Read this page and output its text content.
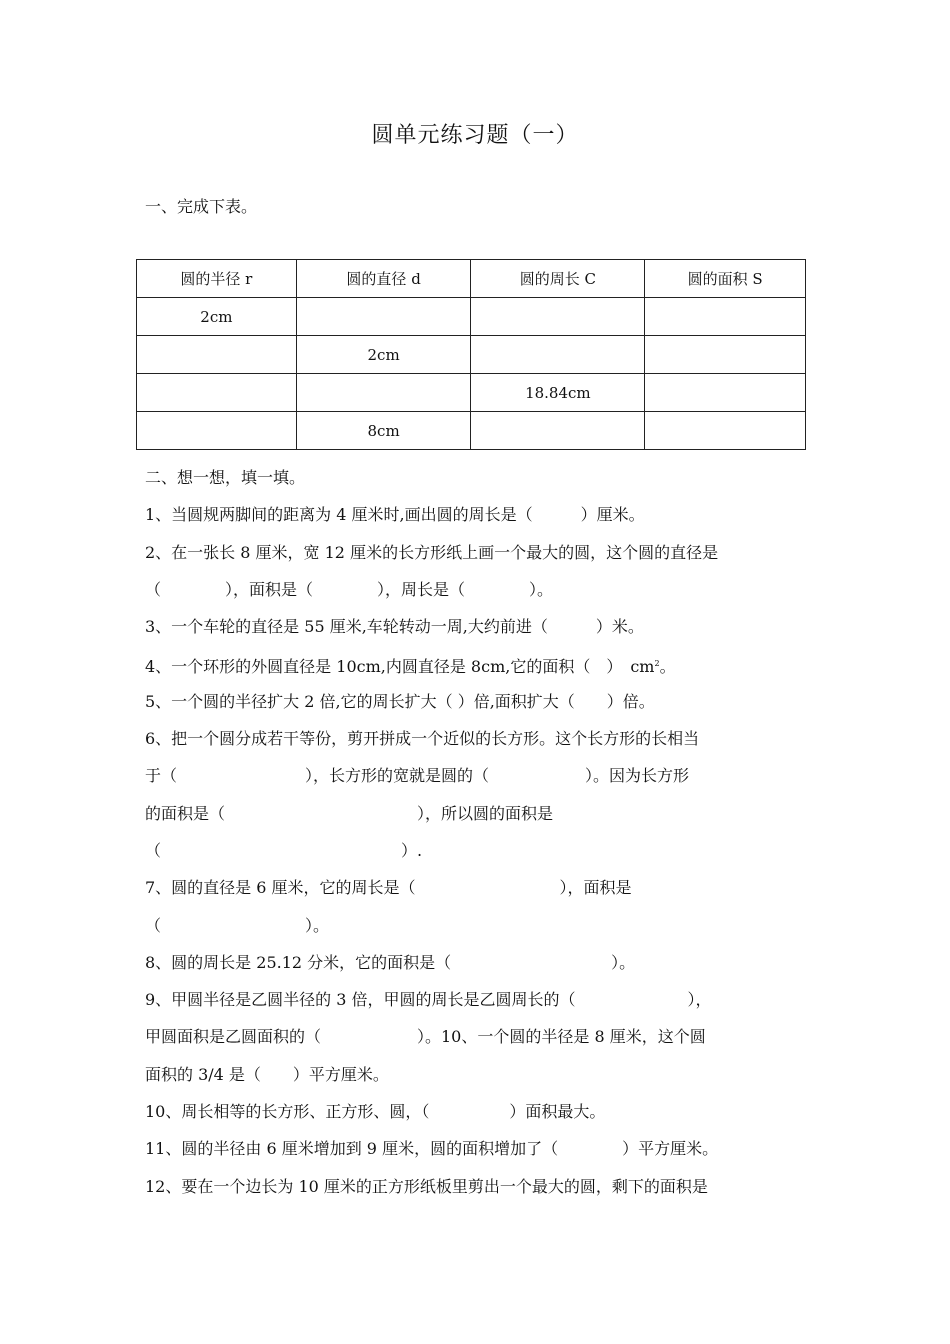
圆单元练习题（一）
一、完成下表。
圆的半径 r	圆的直径 d	圆的周长 C	圆的面积 S
2cm			
	2cm		
		18.84cm	
	8cm		
二、想一想，填一填。
1、当圆规两脚间的距离为 4 厘米时,画出圆的周长是（　　　）厘米。
2、在一张长 8 厘米，宽 12 厘米的长方形纸上画一个最大的圆，这个圆的直径是
（　　　　），面积是（　　　　），周长是（　　　　）。
3、一个车轮的直径是 55 厘米,车轮转动一周,大约前进（　　　）米。
4、一个环形的外圆直径是 10cm,内圆直径是 8cm,它的面积（　）　$cm^2$。
5、一个圆的半径扩大 2 倍,它的周长扩大（ ）倍,面积扩大（　　）倍。
6、把一个圆分成若干等份，剪开拼成一个近似的长方形。这个长方形的长相当
于（　　　　　　　　），长方形的宽就是圆的（　　　　　　）。因为长方形
的面积是（　　　　　　　　　　　　），所以圆的面积是
（　　　　　　　　　　　　　　　）.
7、圆的直径是 6 厘米，它的周长是（　　　　　　　　　），面积是
（　　　　　　　　　）。
8、圆的周长是 25.12 分米，它的面积是（　　　　　　　　　　）。
9、甲圆半径是乙圆半径的 3 倍，甲圆的周长是乙圆周长的（　　　　　　　），
甲圆面积是乙圆面积的（　　　　　　）。10、一个圆的半径是 8 厘米，这个圆
面积的 3/4 是（　　）平方厘米。
10、周长相等的长方形、正方形、圆，（　　　　　）面积最大。
11、圆的半径由 6 厘米增加到 9 厘米，圆的面积增加了（　　　　）平方厘米。
12、要在一个边长为 10 厘米的正方形纸板里剪出一个最大的圆，剩下的面积是
